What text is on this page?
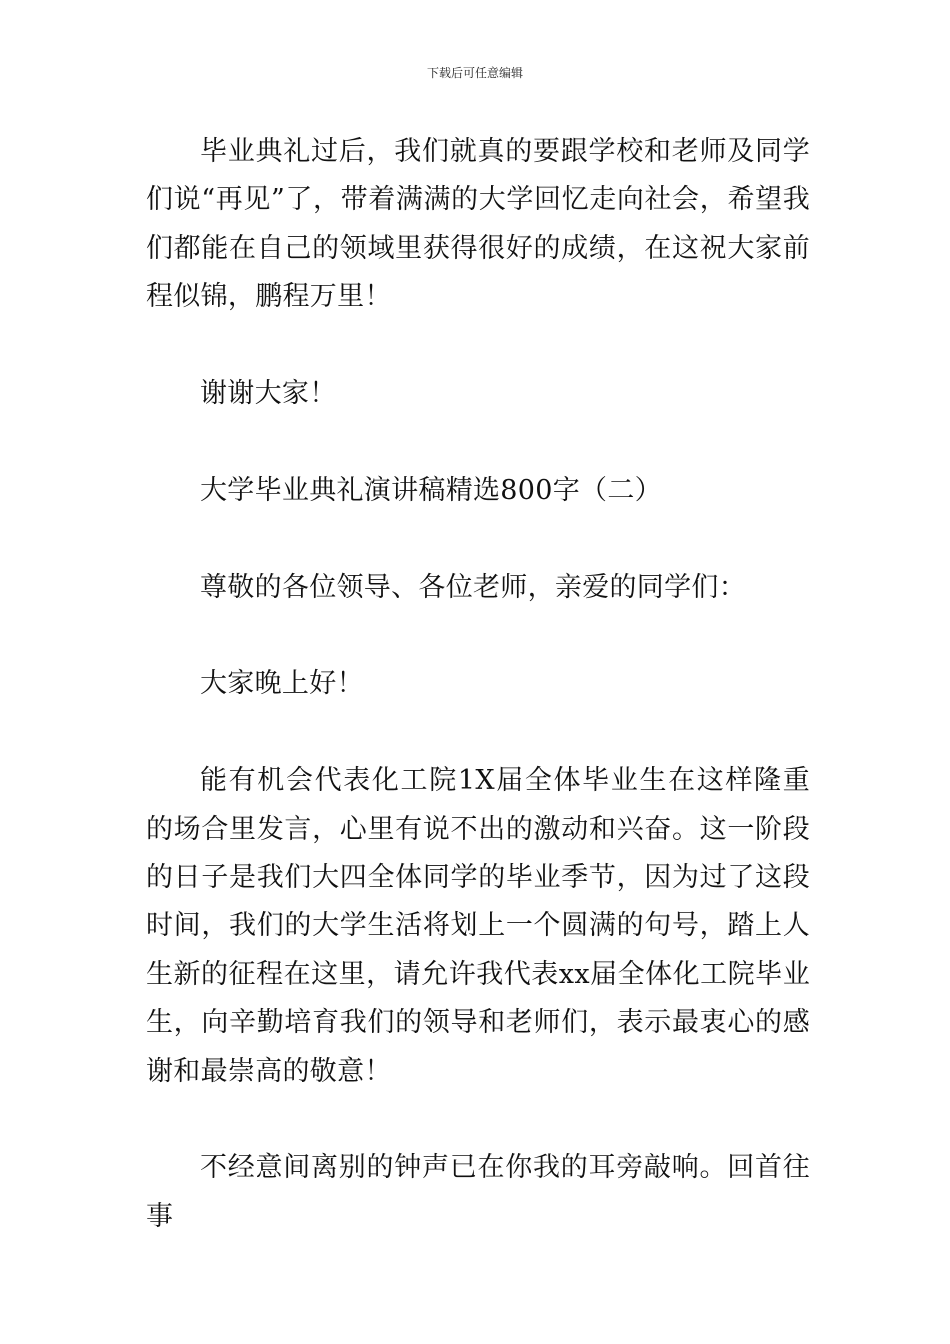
下载后可任意编辑

毕业典礼过后，我们就真的要跟学校和老师及同学们说“再见”了，带着满满的大学回忆走向社会，希望我们都能在自己的领域里获得很好的成绩，在这祝大家前程似锦，鹏程万里！

谢谢大家！

大学毕业典礼演讲稿精选800字（二）

尊敬的各位领导、各位老师，亲爱的同学们：

大家晚上好！

能有机会代表化工院1X届全体毕业生在这样隆重的场合里发言，心里有说不出的激动和兴奋。这一阶段的日子是我们大四全体同学的毕业季节，因为过了这段时间，我们的大学生活将划上一个圆满的句号，踏上人生新的征程在这里，请允许我代表xx届全体化工院毕业生，向辛勤培育我们的领导和老师们，表示最衷心的感谢和最崇高的敬意！

不经意间离别的钟声已在你我的耳旁敲响。回首往事
